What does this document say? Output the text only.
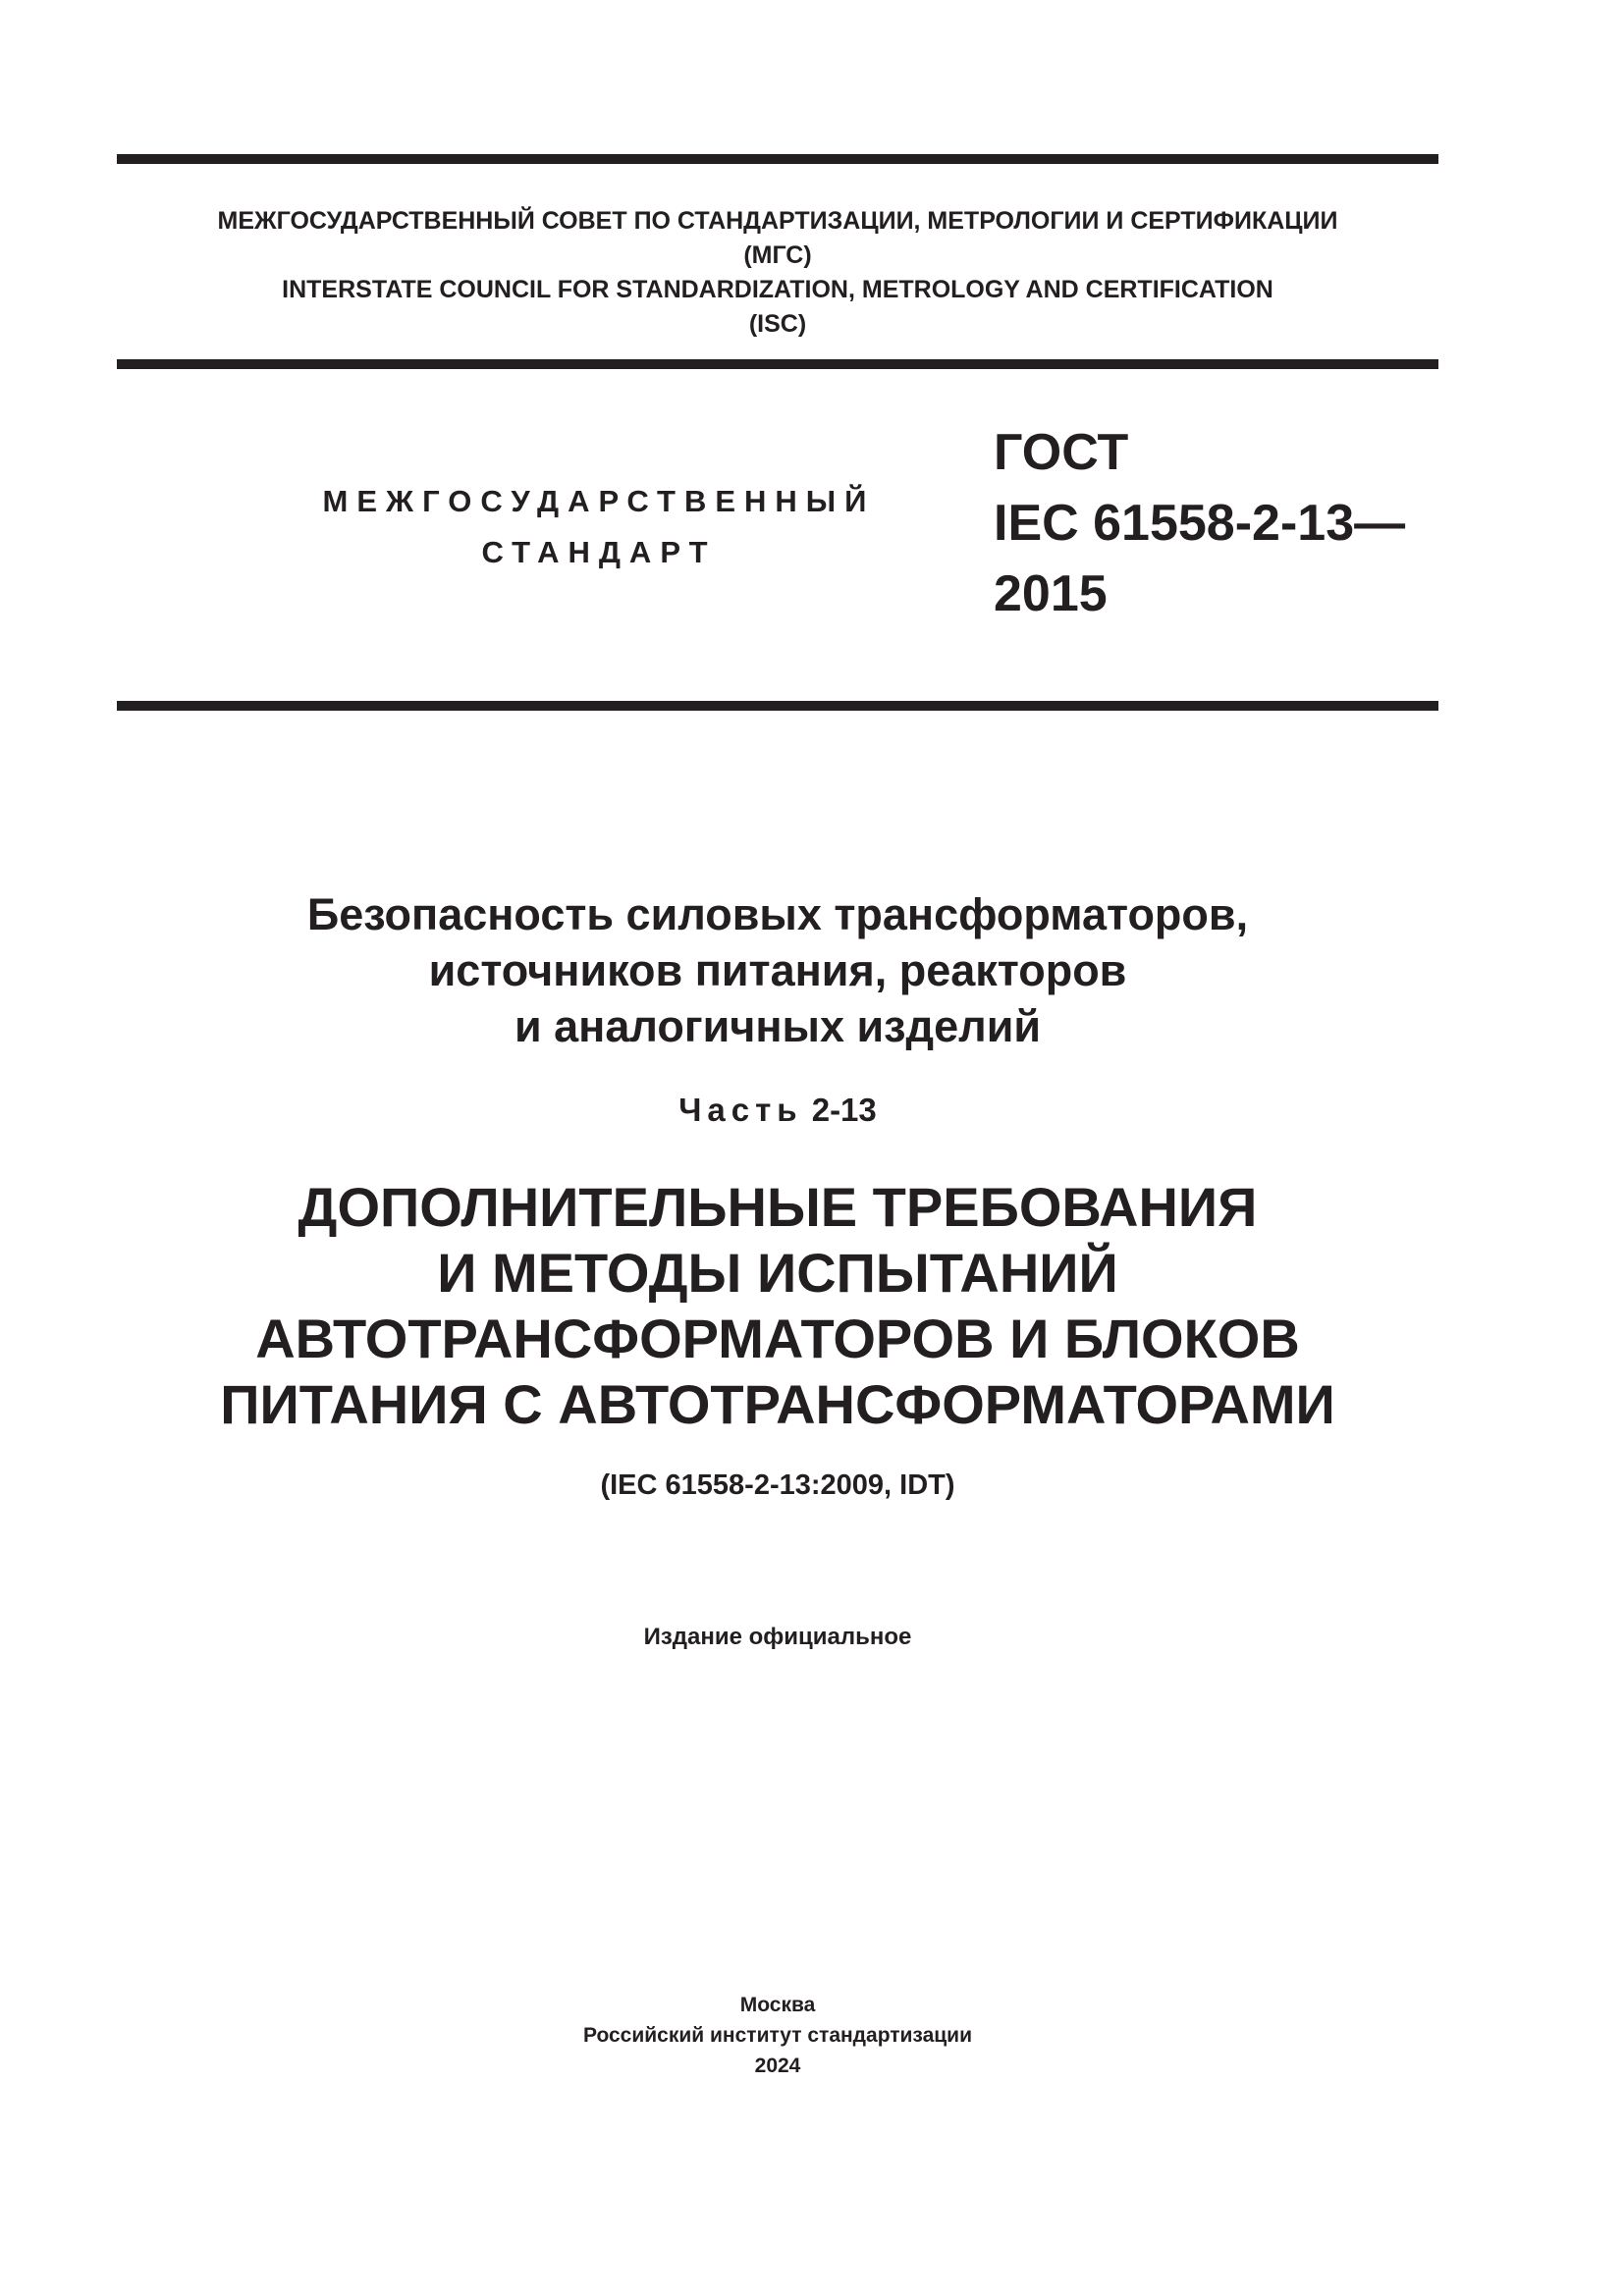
МЕЖГОСУДАРСТВЕННЫЙ СОВЕТ ПО СТАНДАРТИЗАЦИИ, МЕТРОЛОГИИ И СЕРТИФИКАЦИИ
(МГС)
INTERSTATE COUNCIL FOR STANDARDIZATION, METROLOGY AND CERTIFICATION
(ISC)
МЕЖГОСУДАРСТВЕННЫЙ
СТАНДАРТ
ГОСТ
IEC 61558-2-13—
2015
Безопасность силовых трансформаторов,
источников питания, реакторов
и аналогичных изделий
Часть 2-13
ДОПОЛНИТЕЛЬНЫЕ ТРЕБОВАНИЯ
И МЕТОДЫ ИСПЫТАНИЙ
АВТОТРАНСФОРМАТОРОВ И БЛОКОВ
ПИТАНИЯ С АВТОТРАНСФОРМАТОРАМИ
(IEC 61558-2-13:2009, IDT)
Издание официальное
Москва
Российский институт стандартизации
2024
